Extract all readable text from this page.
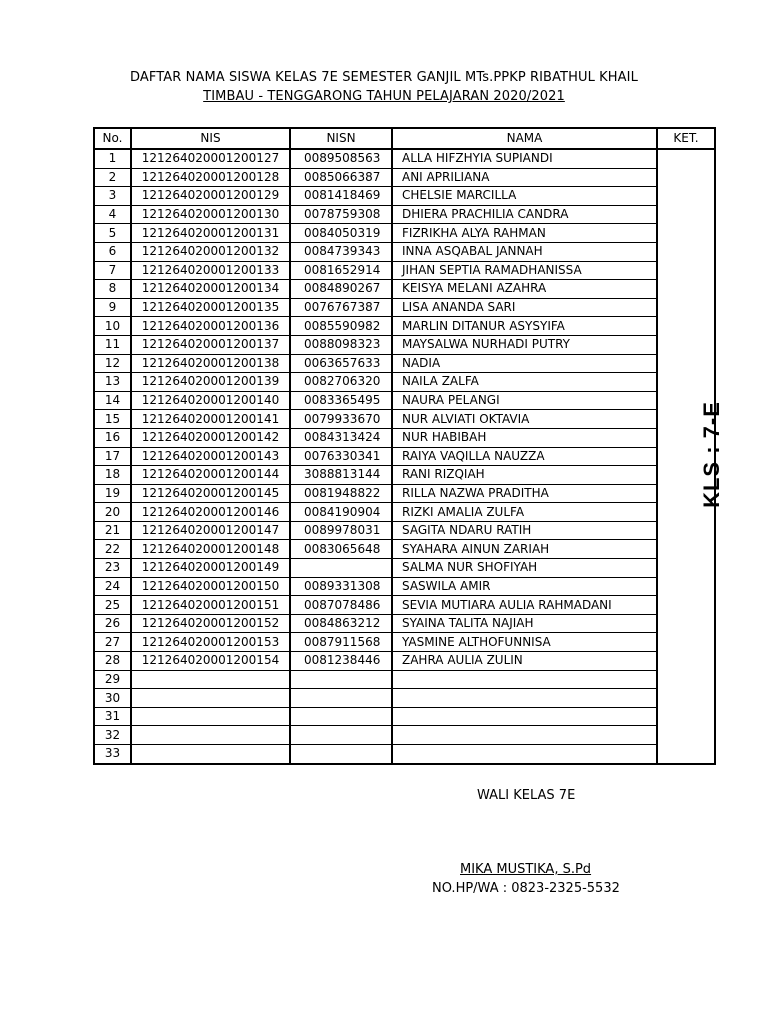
DAFTAR NAMA SISWA KELAS 7E SEMESTER GANJIL MTs.PPKP RIBATHUL KHAIL
TIMBAU - TENGGARONG TAHUN PELAJARAN 2020/2021
No.	NIS	NISN	NAMA	KET.
1	121264020001200127	0089508563	ALLA HIFZHYIA SUPIANDI	KLS : 7-E
2	121264020001200128	0085066387	ANI APRILIANA	
3	121264020001200129	0081418469	CHELSIE MARCILLA	
4	121264020001200130	0078759308	DHIERA PRACHILIA CANDRA	
5	121264020001200131	0084050319	FIZRIKHA ALYA RAHMAN	
6	121264020001200132	0084739343	INNA ASQABAL JANNAH	
7	121264020001200133	0081652914	JIHAN SEPTIA RAMADHANISSA	
8	121264020001200134	0084890267	KEISYA MELANI AZAHRA	
9	121264020001200135	0076767387	LISA ANANDA SARI	
10	121264020001200136	0085590982	MARLIN DITANUR ASYSYIFA	
11	121264020001200137	0088098323	MAYSALWA NURHADI PUTRY	
12	121264020001200138	0063657633	NADIA	
13	121264020001200139	0082706320	NAILA ZALFA	
14	121264020001200140	0083365495	NAURA PELANGI	
15	121264020001200141	0079933670	NUR ALVIATI OKTAVIA	
16	121264020001200142	0084313424	NUR HABIBAH	
17	121264020001200143	0076330341	RAIYA VAQILLA NAUZZA	
18	121264020001200144	3088813144	RANI RIZQIAH	
19	121264020001200145	0081948822	RILLA NAZWA PRADITHA	
20	121264020001200146	0084190904	RIZKI AMALIA ZULFA	
21	121264020001200147	0089978031	SAGITA NDARU RATIH	
22	121264020001200148	0083065648	SYAHARA AINUN ZARIAH	
23	121264020001200149		SALMA NUR SHOFIYAH	
24	121264020001200150	0089331308	SASWILA AMIR	
25	121264020001200151	0087078486	SEVIA MUTIARA AULIA RAHMADANI	
26	121264020001200152	0084863212	SYAINA TALITA NAJIAH	
27	121264020001200153	0087911568	YASMINE ALTHOFUNNISA	
28	121264020001200154	0081238446	ZAHRA AULIA ZULIN	
29				
30				
31				
32				
33				
WALI KELAS 7E
MIKA MUSTIKA, S.Pd
NO.HP/WA : 0823-2325-5532
